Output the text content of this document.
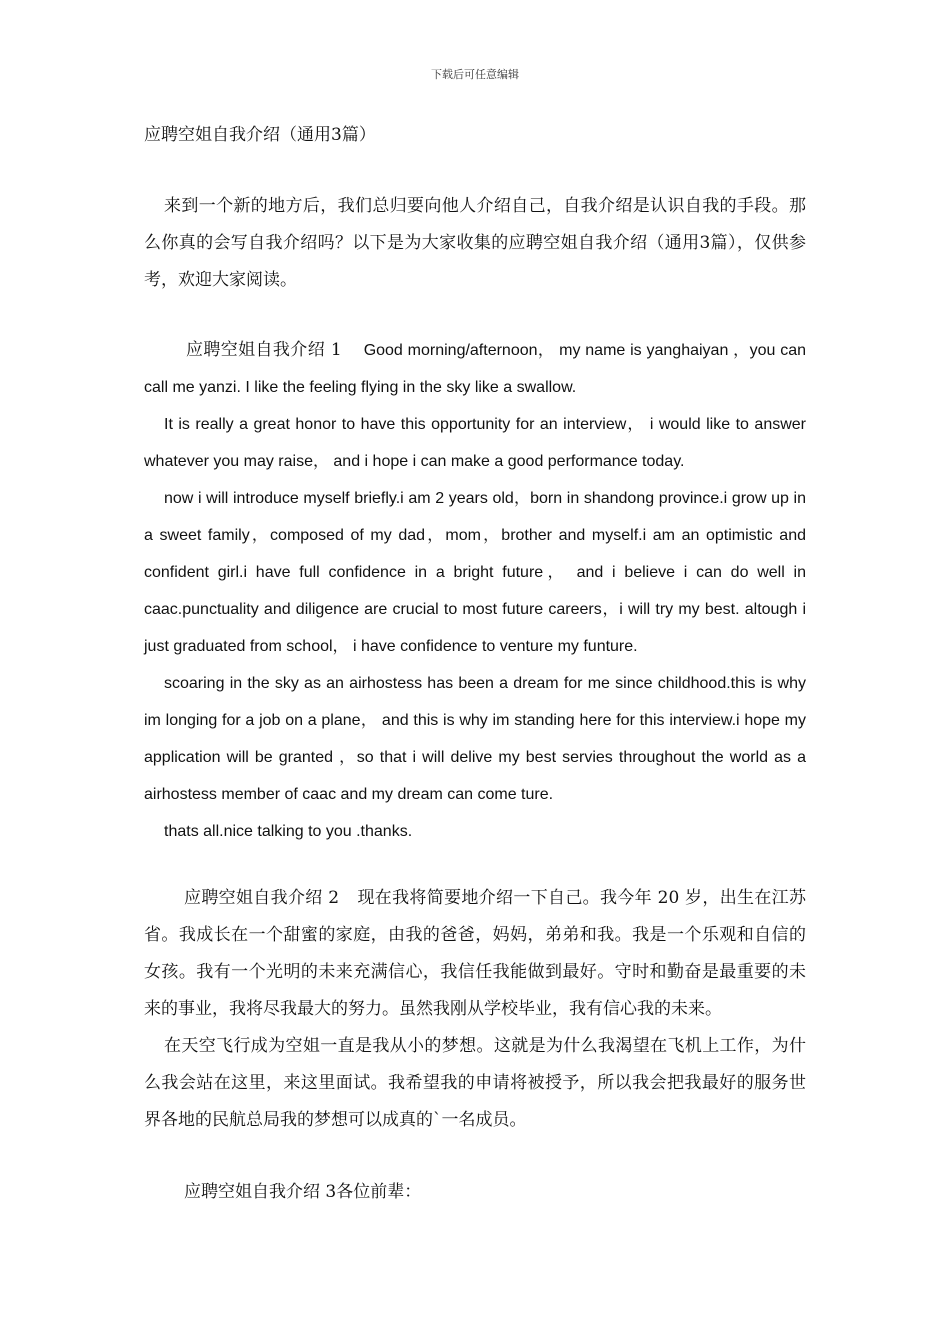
下载后可任意编辑
应聘空姐自我介绍（通用3篇）

来到一个新的地方后，我们总归要向他人介绍自己，自我介绍是认识自我的手段。那么你真的会写自我介绍吗？以下是为大家收集的应聘空姐自我介绍（通用3篇），仅供参考，欢迎大家阅读。

应聘空姐自我介绍 1 Good morning/afternoon， my name is yanghaiyan ，you can call me yanzi. I like the feeling flying in the sky like a swallow.

It is really a great honor to have this opportunity for an interview， i would like to answer whatever you may raise， and i hope i can make a good performance today.

now i will introduce myself briefly.i am 2 years old，born in shandong province.i grow up in a sweet family，composed of my dad，mom，brother and myself.i am an optimistic and confident girl.i have full confidence in a bright future， and i believe i can do well in caac.punctuality and diligence are crucial to most future careers，i will try my best. altough i just graduated from school， i have confidence to venture my funture.

scoaring in the sky as an airhostess has been a dream for me since childhood.this is why im longing for a job on a plane， and this is why im standing here for this interview.i hope my application will be granted ，so that i will delive my best servies throughout the world as a airhostess member of caac and my dream can come ture.

thats all.nice talking to you .thanks.

应聘空姐自我介绍 2 现在我将简要地介绍一下自己。我今年 20 岁，出生在江苏省。我成长在一个甜蜜的家庭，由我的爸爸，妈妈，弟弟和我。我是一个乐观和自信的女孩。我有一个光明的未来充满信心，我信任我能做到最好。守时和勤奋是最重要的未来的事业，我将尽我最大的努力。虽然我刚从学校毕业，我有信心我的未来。

在天空飞行成为空姐一直是我从小的梦想。这就是为什么我渴望在飞机上工作，为什么我会站在这里，来这里面试。我希望我的申请将被授予，所以我会把我最好的服务世界各地的民航总局我的梦想可以成真的`一名成员。

应聘空姐自我介绍 3各位前辈：
